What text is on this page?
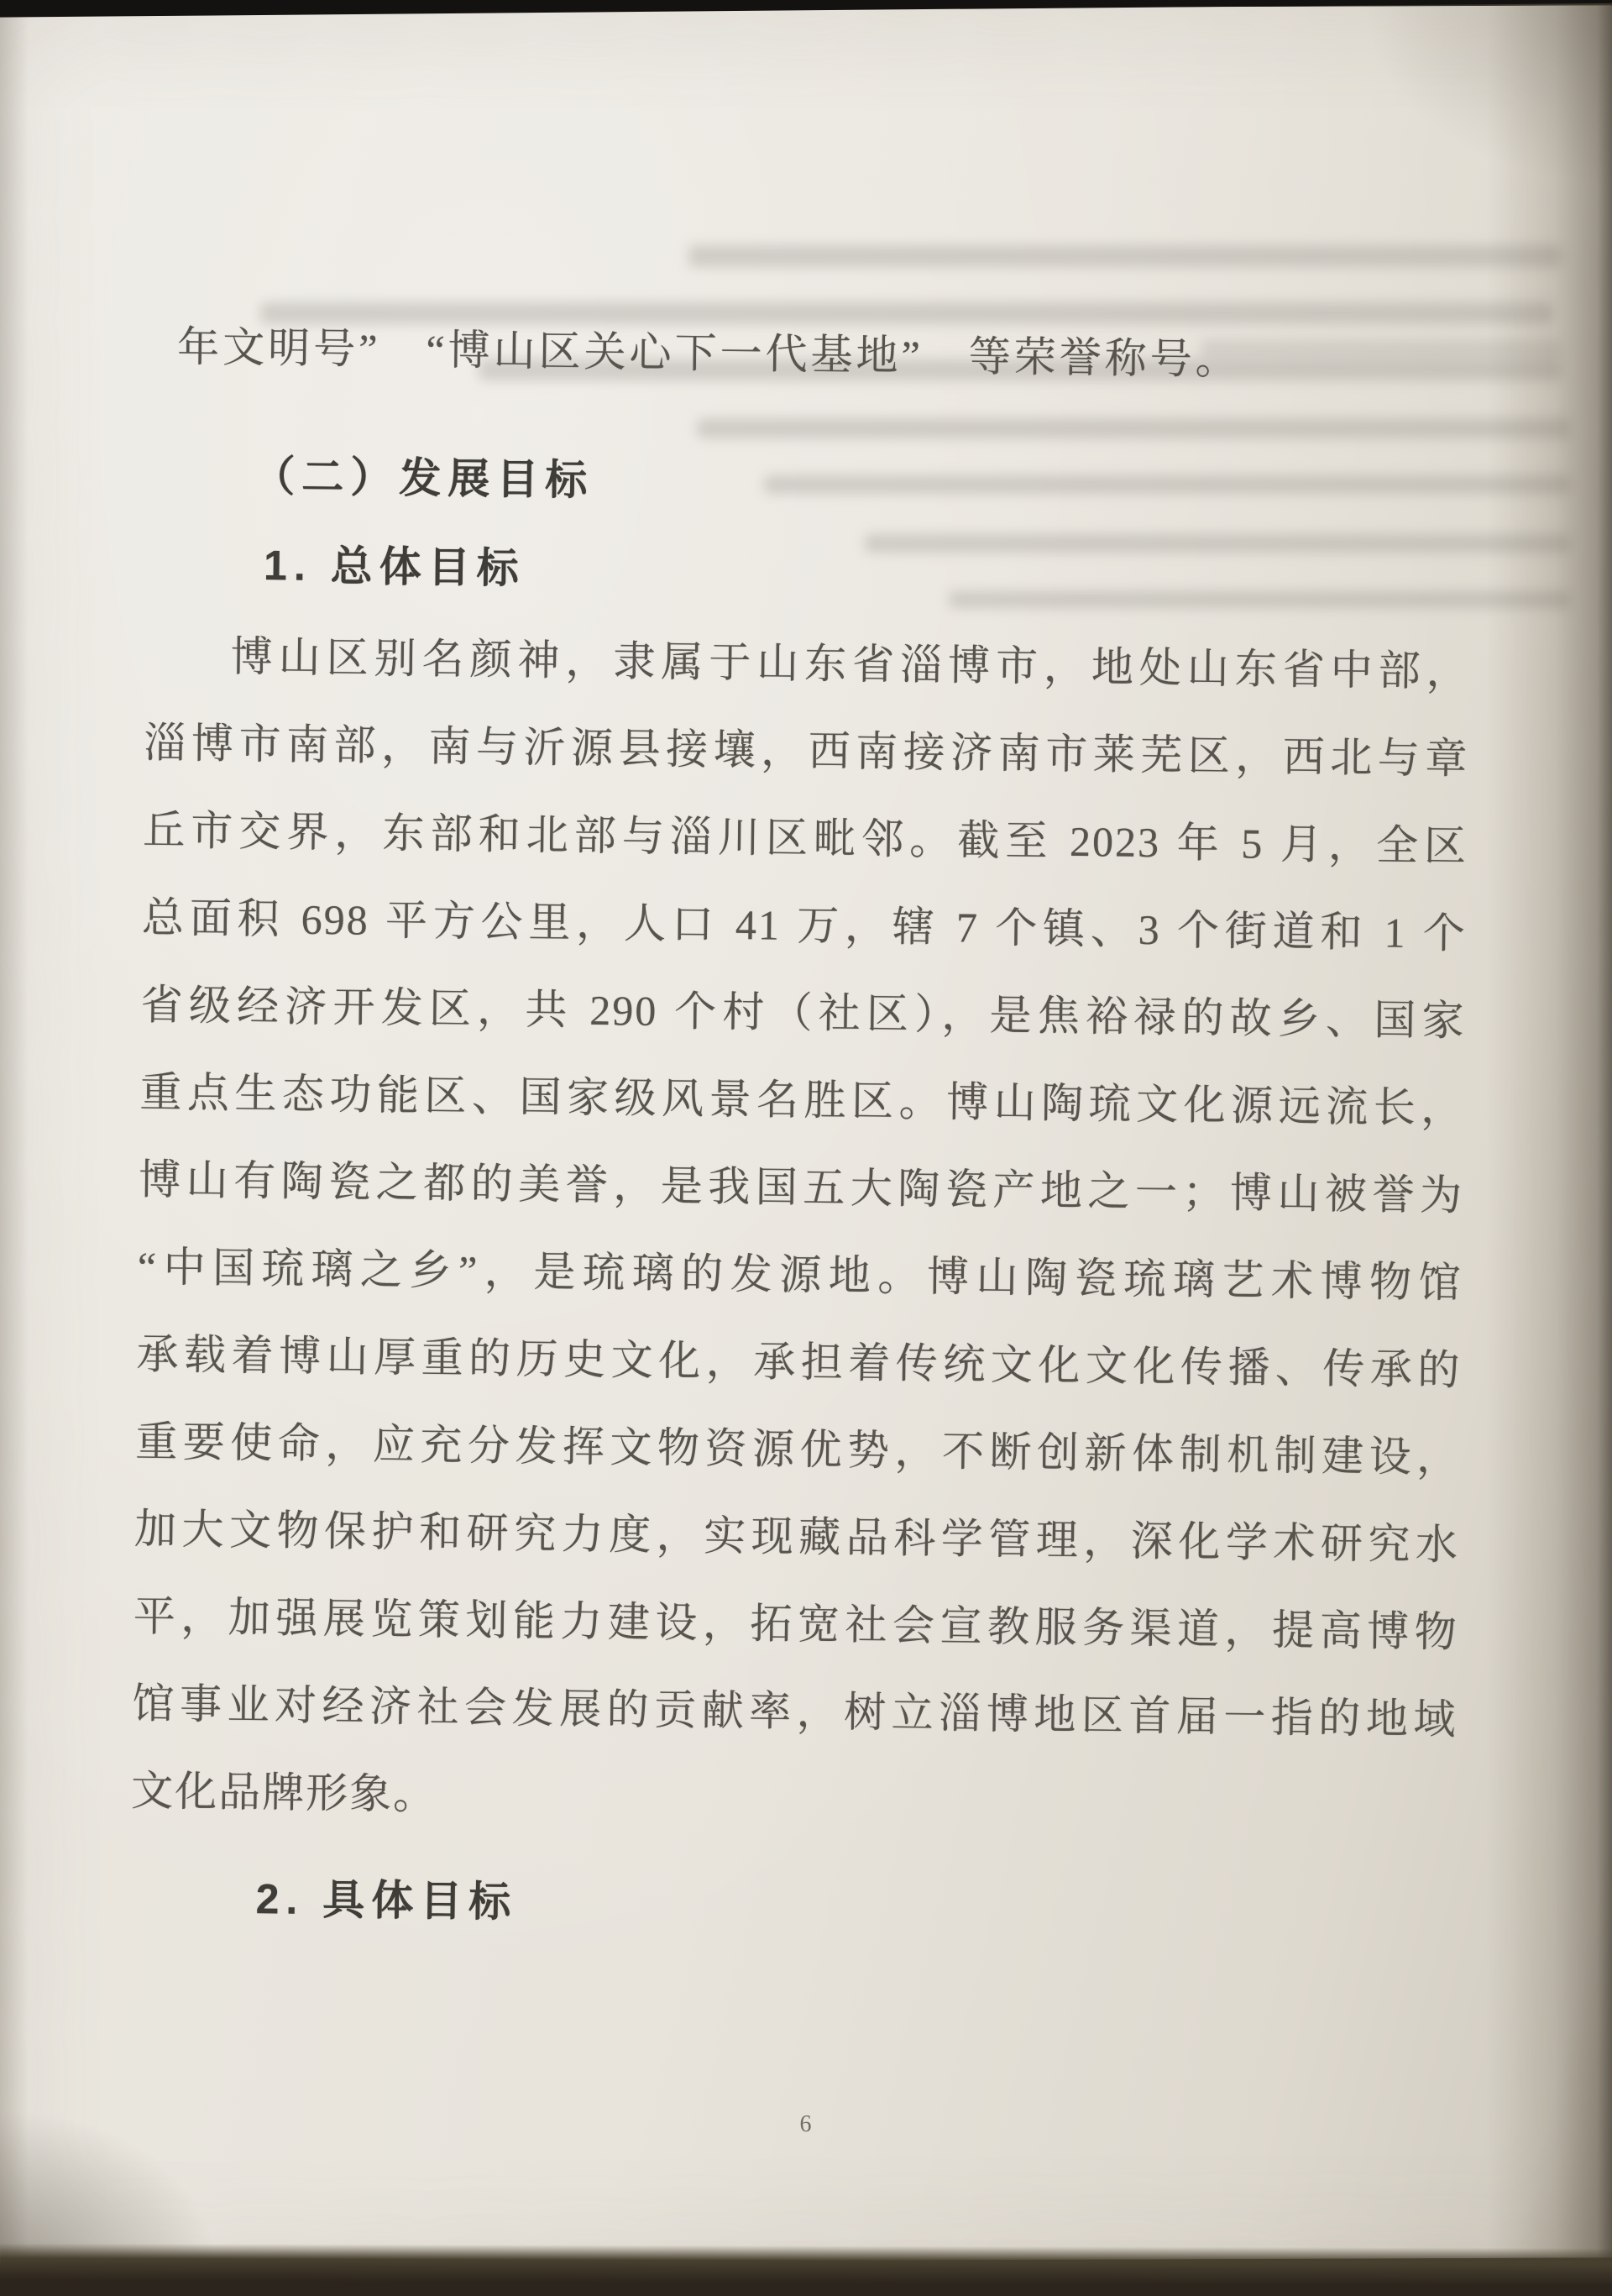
年文明号”　“博山区关心下一代基地”　等荣誉称号。
（二）发展目标
1. 总体目标
博山区别名颜神，隶属于山东省淄博市，地处山东省中部，
淄博市南部，南与沂源县接壤，西南接济南市莱芜区，西北与章
丘市交界，东部和北部与淄川区毗邻。截至 2023 年 5 月，全区
总面积 698 平方公里，人口 41 万，辖 7 个镇、3 个街道和 1 个
省级经济开发区，共 290 个村（社区），是焦裕禄的故乡、国家
重点生态功能区、国家级风景名胜区。博山陶琉文化源远流长，
博山有陶瓷之都的美誉，是我国五大陶瓷产地之一；博山被誉为
“中国琉璃之乡”，是琉璃的发源地。博山陶瓷琉璃艺术博物馆
承载着博山厚重的历史文化，承担着传统文化文化传播、传承的
重要使命，应充分发挥文物资源优势，不断创新体制机制建设，
加大文物保护和研究力度，实现藏品科学管理，深化学术研究水
平，加强展览策划能力建设，拓宽社会宣教服务渠道，提高博物
馆事业对经济社会发展的贡献率，树立淄博地区首届一指的地域
文化品牌形象。
2. 具体目标
6
